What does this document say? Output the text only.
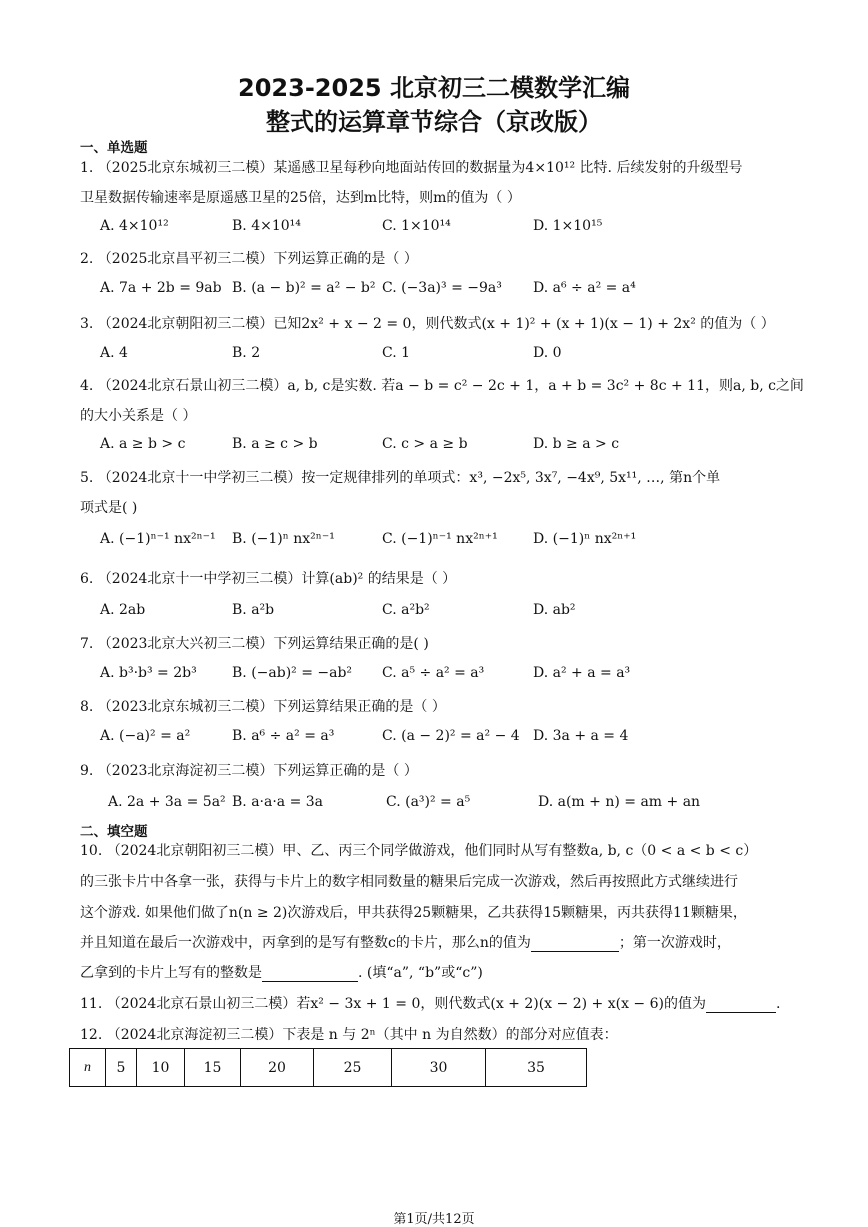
2023-2025 北京初三二模数学汇编
整式的运算章节综合（京改版）
一、单选题
1. （2025北京东城初三二模）某遥感卫星每秒向地面站传回的数据量为4×10¹² 比特. 后续发射的升级型号
卫星数据传输速率是原遥感卫星的25倍，达到m比特，则m的值为（ ）
A. 4×10¹²	B. 4×10¹⁴	C. 1×10¹⁴	D. 1×10¹⁵
2. （2025北京昌平初三二模）下列运算正确的是（ ）
A. 7a + 2b = 9ab B. (a − b)² = a² − b² C. (−3a)³ = −9a³ D. a⁶ ÷ a² = a⁴
3. （2024北京朝阳初三二模）已知2x² + x − 2 = 0，则代数式(x + 1)² + (x + 1)(x − 1) + 2x² 的值为（ ）
A. 4	B. 2	C. 1	D. 0
4. （2024北京石景山初三二模）a, b, c是实数. 若a − b = c² − 2c + 1，a + b = 3c² + 8c + 11，则a, b, c之间
的大小关系是（ ）
A. a ≥ b > c	B. a ≥ c > b	C. c > a ≥ b	D. b ≥ a > c
5. （2024北京十一中学初三二模）按一定规律排列的单项式：x³, −2x⁵, 3x⁷, −4x⁹, 5x¹¹, …, 第n个单
项式是( )
A. (−1)ⁿ⁻¹ nx²ⁿ⁻¹ B. (−1)ⁿ nx²ⁿ⁻¹	C. (−1)ⁿ⁻¹ nx²ⁿ⁺¹	D. (−1)ⁿ nx²ⁿ⁺¹
6. （2024北京十一中学初三二模）计算(ab)² 的结果是（ ）
A. 2ab	B. a²b	C. a²b²	D. ab²
7. （2023北京大兴初三二模）下列运算结果正确的是( )
A. b³·b³ = 2b³	B. (−ab)² = −ab² C. a⁵ ÷ a² = a³	D. a² + a = a³
8. （2023北京东城初三二模）下列运算结果正确的是（ ）
A. (−a)² = a²	B. a⁶ ÷ a² = a³	C. (a − 2)² = a² − 4 D. 3a + a = 4
9. （2023北京海淀初三二模）下列运算正确的是（ ）
A. 2a + 3a = 5a² B. a·a·a = 3a	C. (a³)² = a⁵	D. a(m + n) = am + an
二、填空题
10. （2024北京朝阳初三二模）甲、乙、丙三个同学做游戏，他们同时从写有整数a, b, c（0 < a < b < c）
的三张卡片中各拿一张，获得与卡片上的数字相同数量的糖果后完成一次游戏，然后再按照此方式继续进行
这个游戏. 如果他们做了n(n ≥ 2)次游戏后，甲共获得25颗糖果，乙共获得15颗糖果，丙共获得11颗糖果，
并且知道在最后一次游戏中，丙拿到的是写有整数c的卡片，那么n的值为	；第一次游戏时，
乙拿到的卡片上写有的整数是	. (填“a”, “b”或“c”)
11. （2024北京石景山初三二模）若x² − 3x + 1 = 0，则代数式(x + 2)(x − 2) + x(x − 6)的值为	.
12. （2024北京海淀初三二模）下表是 n 与 2ⁿ（其中 n 为自然数）的部分对应值表：
n	5	10	15	20	25	30	35
第1页/共12页
